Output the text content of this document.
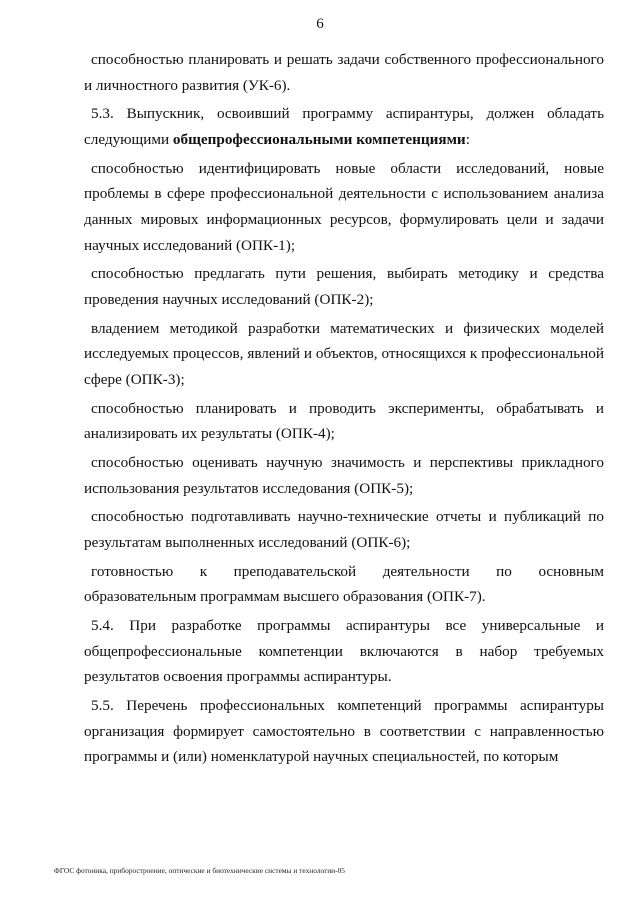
6

способностью планировать и решать задачи собственного профессионального и личностного развития (УК-6).

5.3. Выпускник, освоивший программу аспирантуры, должен обладать следующими общепрофессиональными компетенциями:

способностью идентифицировать новые области исследований, новые проблемы в сфере профессиональной деятельности с использованием анализа данных мировых информационных ресурсов, формулировать цели и задачи научных исследований (ОПК-1);

способностью предлагать пути решения, выбирать методику и средства проведения научных исследований (ОПК-2);

владением методикой разработки математических и физических моделей исследуемых процессов, явлений и объектов, относящихся к профессиональной сфере (ОПК-3);

способностью планировать и проводить эксперименты, обрабатывать и анализировать их результаты (ОПК-4);

способностью оценивать научную значимость и перспективы прикладного использования результатов исследования (ОПК-5);

способностью подготавливать научно-технические отчеты и публикаций по результатам выполненных исследований (ОПК-6);

готовностью к преподавательской деятельности по основным образовательным программам высшего образования (ОПК-7).

5.4. При разработке программы аспирантуры все универсальные и общепрофессиональные компетенции включаются в набор требуемых результатов освоения программы аспирантуры.

5.5. Перечень профессиональных компетенций программы аспирантуры организация формирует самостоятельно в соответствии с направленностью программы и (или) номенклатурой научных специальностей, по которым

ФГОС фотоника, приборостроение, оптические и биотехнические системы и технологии-05
